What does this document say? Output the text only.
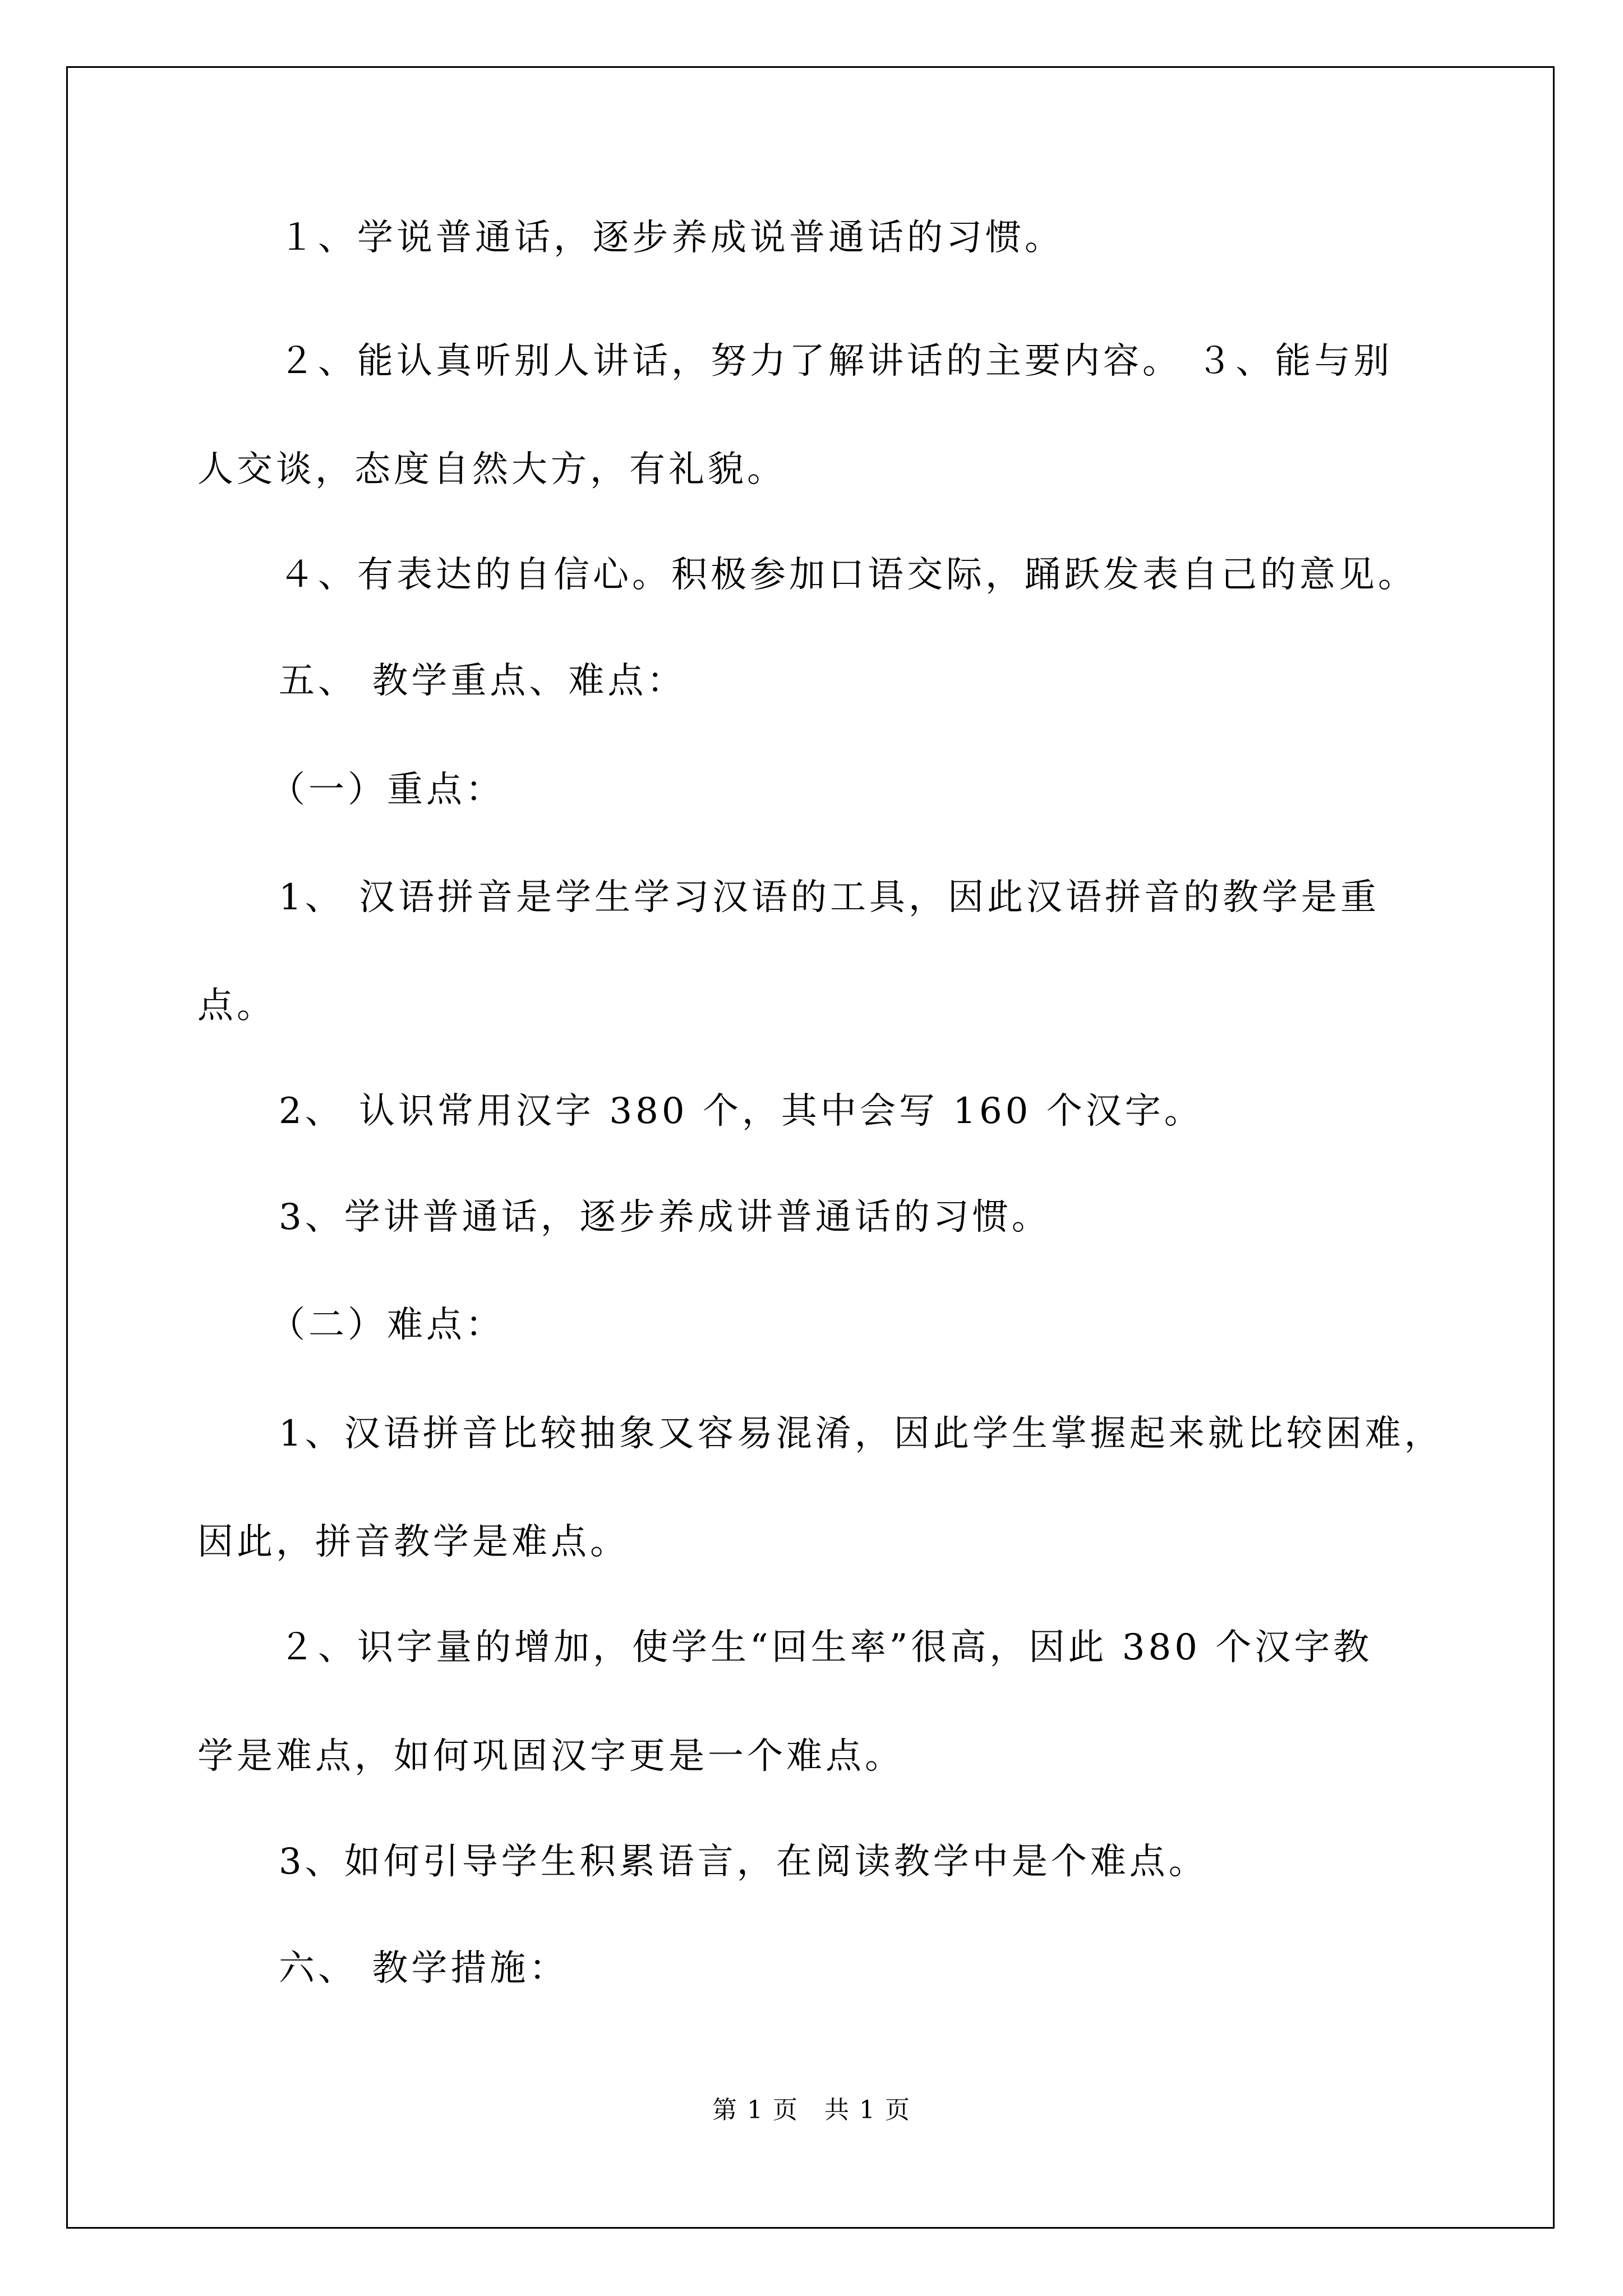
１、学说普通话，逐步养成说普通话的习惯。
２、能认真听别人讲话，努力了解讲话的主要内容。 ３、能与别
人交谈，态度自然大方，有礼貌。
４、有表达的自信心。积极参加口语交际，踊跃发表自己的意见。
五、 教学重点、难点：
（一）重点：
1、 汉语拼音是学生学习汉语的工具，因此汉语拼音的教学是重
点。
2、 认识常用汉字 380 个，其中会写 160 个汉字。
3、学讲普通话，逐步养成讲普通话的习惯。
（二）难点：
1、汉语拼音比较抽象又容易混淆，因此学生掌握起来就比较困难，
因此，拼音教学是难点。
２、识字量的增加，使学生“回生率”很高，因此 380 个汉字教
学是难点，如何巩固汉字更是一个难点。
3、如何引导学生积累语言，在阅读教学中是个难点。
六、 教学措施：
第 1 页　共 1 页
